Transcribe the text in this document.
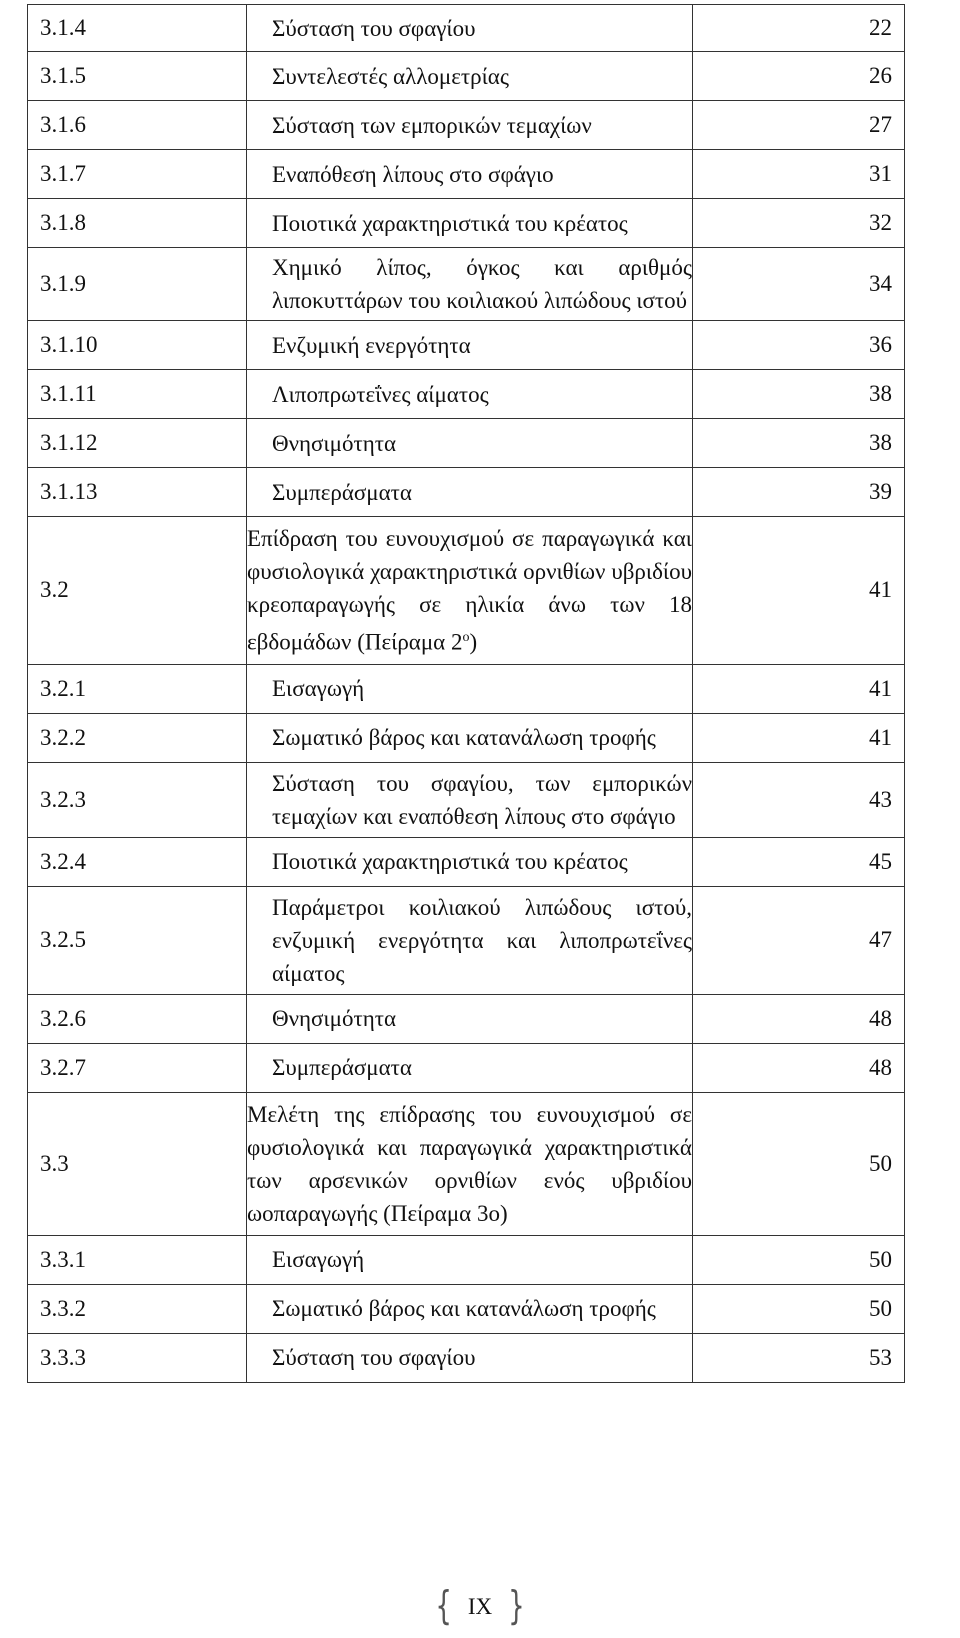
3.1.4	Σύσταση του σφαγίου	22
3.1.5	Συντελεστές αλλομετρίας	26
3.1.6	Σύσταση των εμπορικών τεμαχίων	27
3.1.7	Εναπόθεση λίπους στο σφάγιο	31
3.1.8	Ποιοτικά χαρακτηριστικά του κρέατος	32
3.1.9	Χημικό λίπος, όγκος και αριθμός λιποκυττάρων του κοιλιακού λιπώδους ιστού	34
3.1.10	Ενζυμική ενεργότητα	36
3.1.11	Λιποπρωτεΐνες αίματος	38
3.1.12	Θνησιμότητα	38
3.1.13	Συμπεράσματα	39
3.2	Επίδραση του ευνουχισμού σε παραγωγικά και φυσιολογικά χαρακτηριστικά ορνιθίων υβριδίου κρεοπαραγωγής σε ηλικία άνω των 18 εβδομάδων (Πείραμα $2^o$)	41
3.2.1	Εισαγωγή	41
3.2.2	Σωματικό βάρος και κατανάλωση τροφής	41
3.2.3	Σύσταση του σφαγίου, των εμπορικών τεμαχίων και εναπόθεση λίπους στο σφάγιο	43
3.2.4	Ποιοτικά χαρακτηριστικά του κρέατος	45
3.2.5	Παράμετροι κοιλιακού λιπώδους ιστού, ενζυμική ενεργότητα και λιποπρωτεΐνες αίματος	47
3.2.6	Θνησιμότητα	48
3.2.7	Συμπεράσματα	48
3.3	Μελέτη της επίδρασης του ευνουχισμού σε φυσιολογικά και παραγωγικά χαρακτηριστικά των αρσενικών ορνιθίων ενός υβριδίου ωοπαραγωγής (Πείραμα 3ο)	50
3.3.1	Εισαγωγή	50
3.3.2	Σωματικό βάρος και κατανάλωση τροφής	50
3.3.3	Σύσταση του σφαγίου	53
{ IX }
